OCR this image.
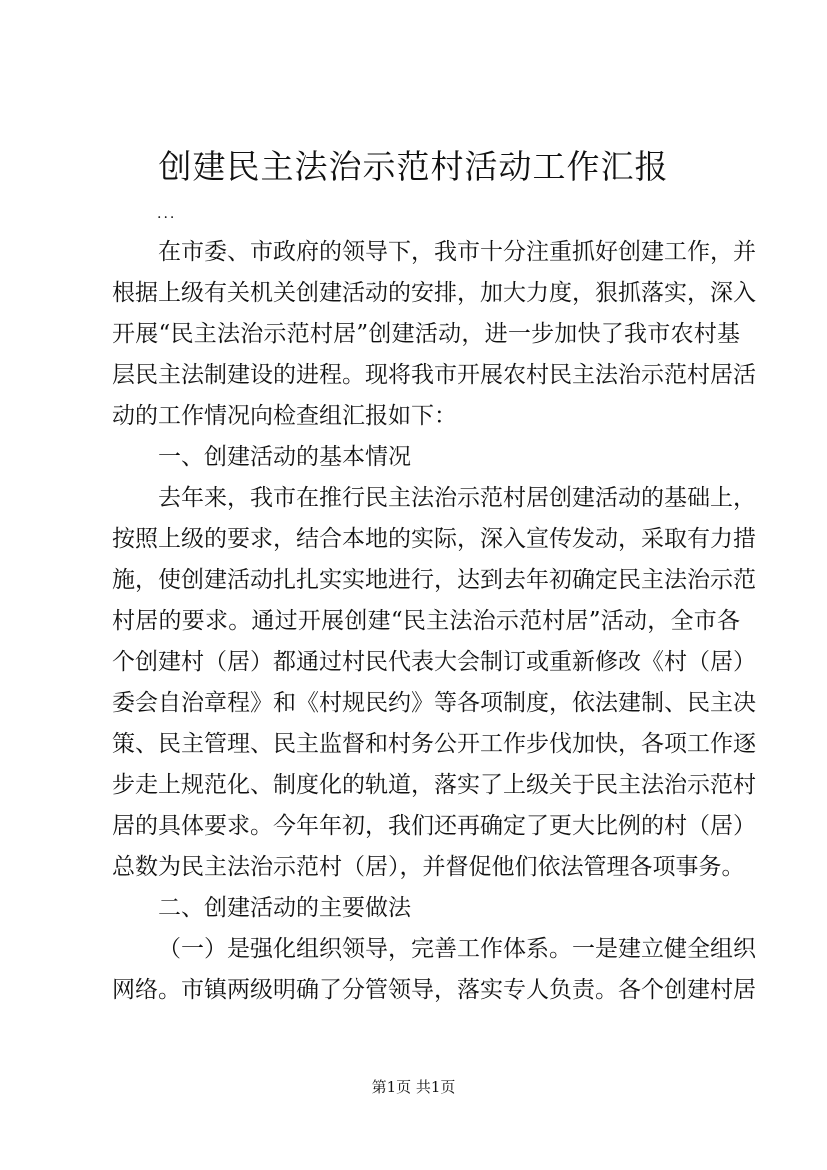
创建民主法治示范村活动工作汇报
...
在市委、市政府的领导下，我市十分注重抓好创建工作，并
根据上级有关机关创建活动的安排，加大力度，狠抓落实，深入
开展“民主法治示范村居”创建活动，进一步加快了我市农村基
层民主法制建设的进程。现将我市开展农村民主法治示范村居活
动的工作情况向检查组汇报如下：
一、创建活动的基本情况
去年来，我市在推行民主法治示范村居创建活动的基础上，
按照上级的要求，结合本地的实际，深入宣传发动，采取有力措
施，使创建活动扎扎实实地进行，达到去年初确定民主法治示范
村居的要求。通过开展创建“民主法治示范村居”活动，全市各
个创建村（居）都通过村民代表大会制订或重新修改《村（居）
委会自治章程》和《村规民约》等各项制度，依法建制、民主决
策、民主管理、民主监督和村务公开工作步伐加快，各项工作逐
步走上规范化、制度化的轨道，落实了上级关于民主法治示范村
居的具体要求。今年年初，我们还再确定了更大比例的村（居）
总数为民主法治示范村（居），并督促他们依法管理各项事务。
二、创建活动的主要做法
（一）是强化组织领导，完善工作体系。一是建立健全组织
网络。市镇两级明确了分管领导，落实专人负责。各个创建村居
第1页 共1页
